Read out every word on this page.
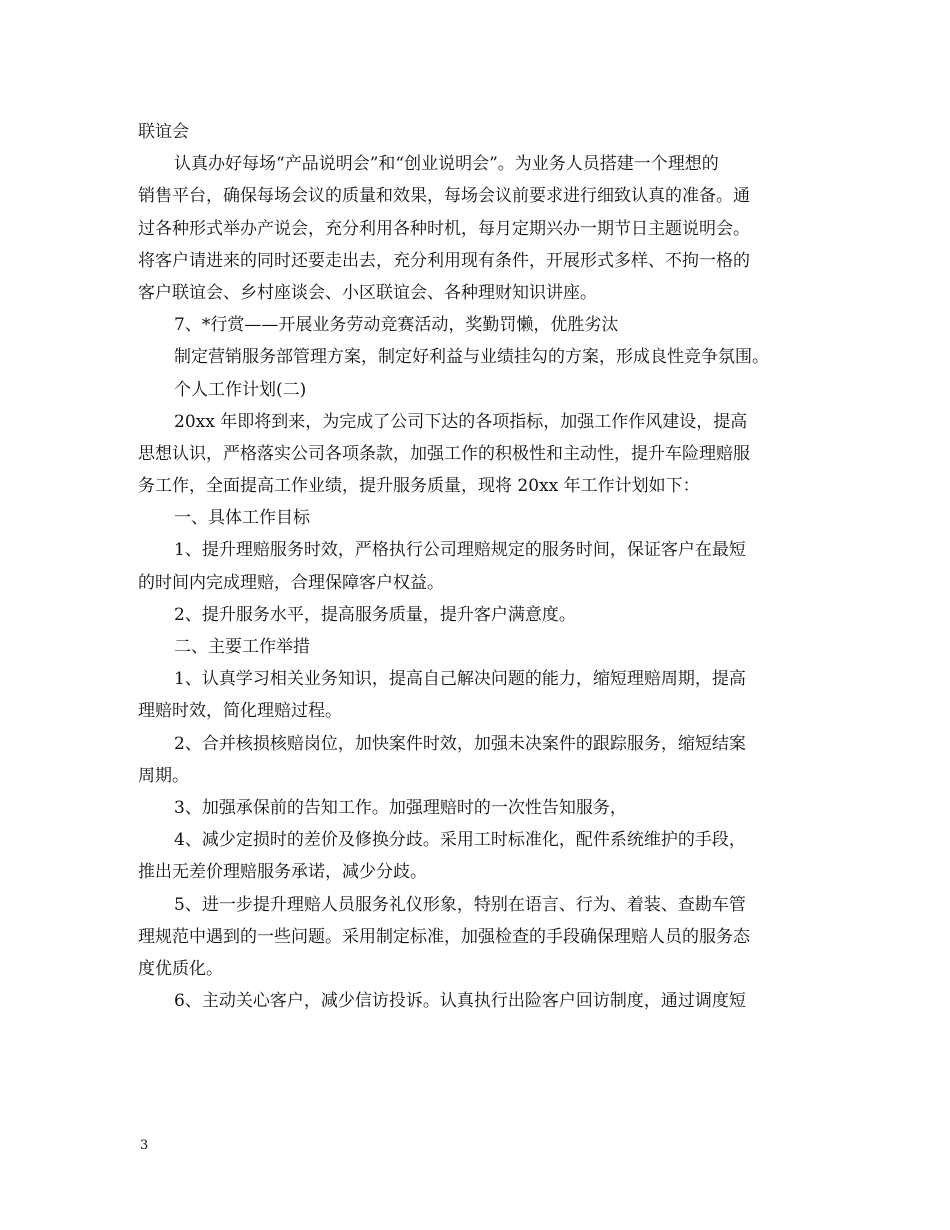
联谊会
认真办好每场“产品说明会”和“创业说明会”。为业务人员搭建一个理想的
销售平台，确保每场会议的质量和效果，每场会议前要求进行细致认真的准备。通
过各种形式举办产说会，充分利用各种时机，每月定期兴办一期节日主题说明会。
将客户请进来的同时还要走出去，充分利用现有条件，开展形式多样、不拘一格的
客户联谊会、乡村座谈会、小区联谊会、各种理财知识讲座。
7、*行赏——开展业务劳动竞赛活动，奖勤罚懒，优胜劣汰
制定营销服务部管理方案，制定好利益与业绩挂勾的方案，形成良性竞争氛围。
个人工作计划(二)
20xx 年即将到来，为完成了公司下达的各项指标，加强工作作风建设，提高
思想认识，严格落实公司各项条款，加强工作的积极性和主动性，提升车险理赔服
务工作，全面提高工作业绩，提升服务质量，现将 20xx 年工作计划如下：
一、具体工作目标
1、提升理赔服务时效，严格执行公司理赔规定的服务时间，保证客户在最短
的时间内完成理赔，合理保障客户权益。
2、提升服务水平，提高服务质量，提升客户满意度。
二、主要工作举措
1、认真学习相关业务知识，提高自己解决问题的能力，缩短理赔周期，提高
理赔时效，简化理赔过程。
2、合并核损核赔岗位，加快案件时效，加强未决案件的跟踪服务，缩短结案
周期。
3、加强承保前的告知工作。加强理赔时的一次性告知服务，
4、减少定损时的差价及修换分歧。采用工时标准化，配件系统维护的手段，
推出无差价理赔服务承诺，减少分歧。
5、进一步提升理赔人员服务礼仪形象，特别在语言、行为、着装、查勘车管
理规范中遇到的一些问题。采用制定标准，加强检查的手段确保理赔人员的服务态
度优质化。
6、主动关心客户，减少信访投诉。认真执行出险客户回访制度，通过调度短
3
